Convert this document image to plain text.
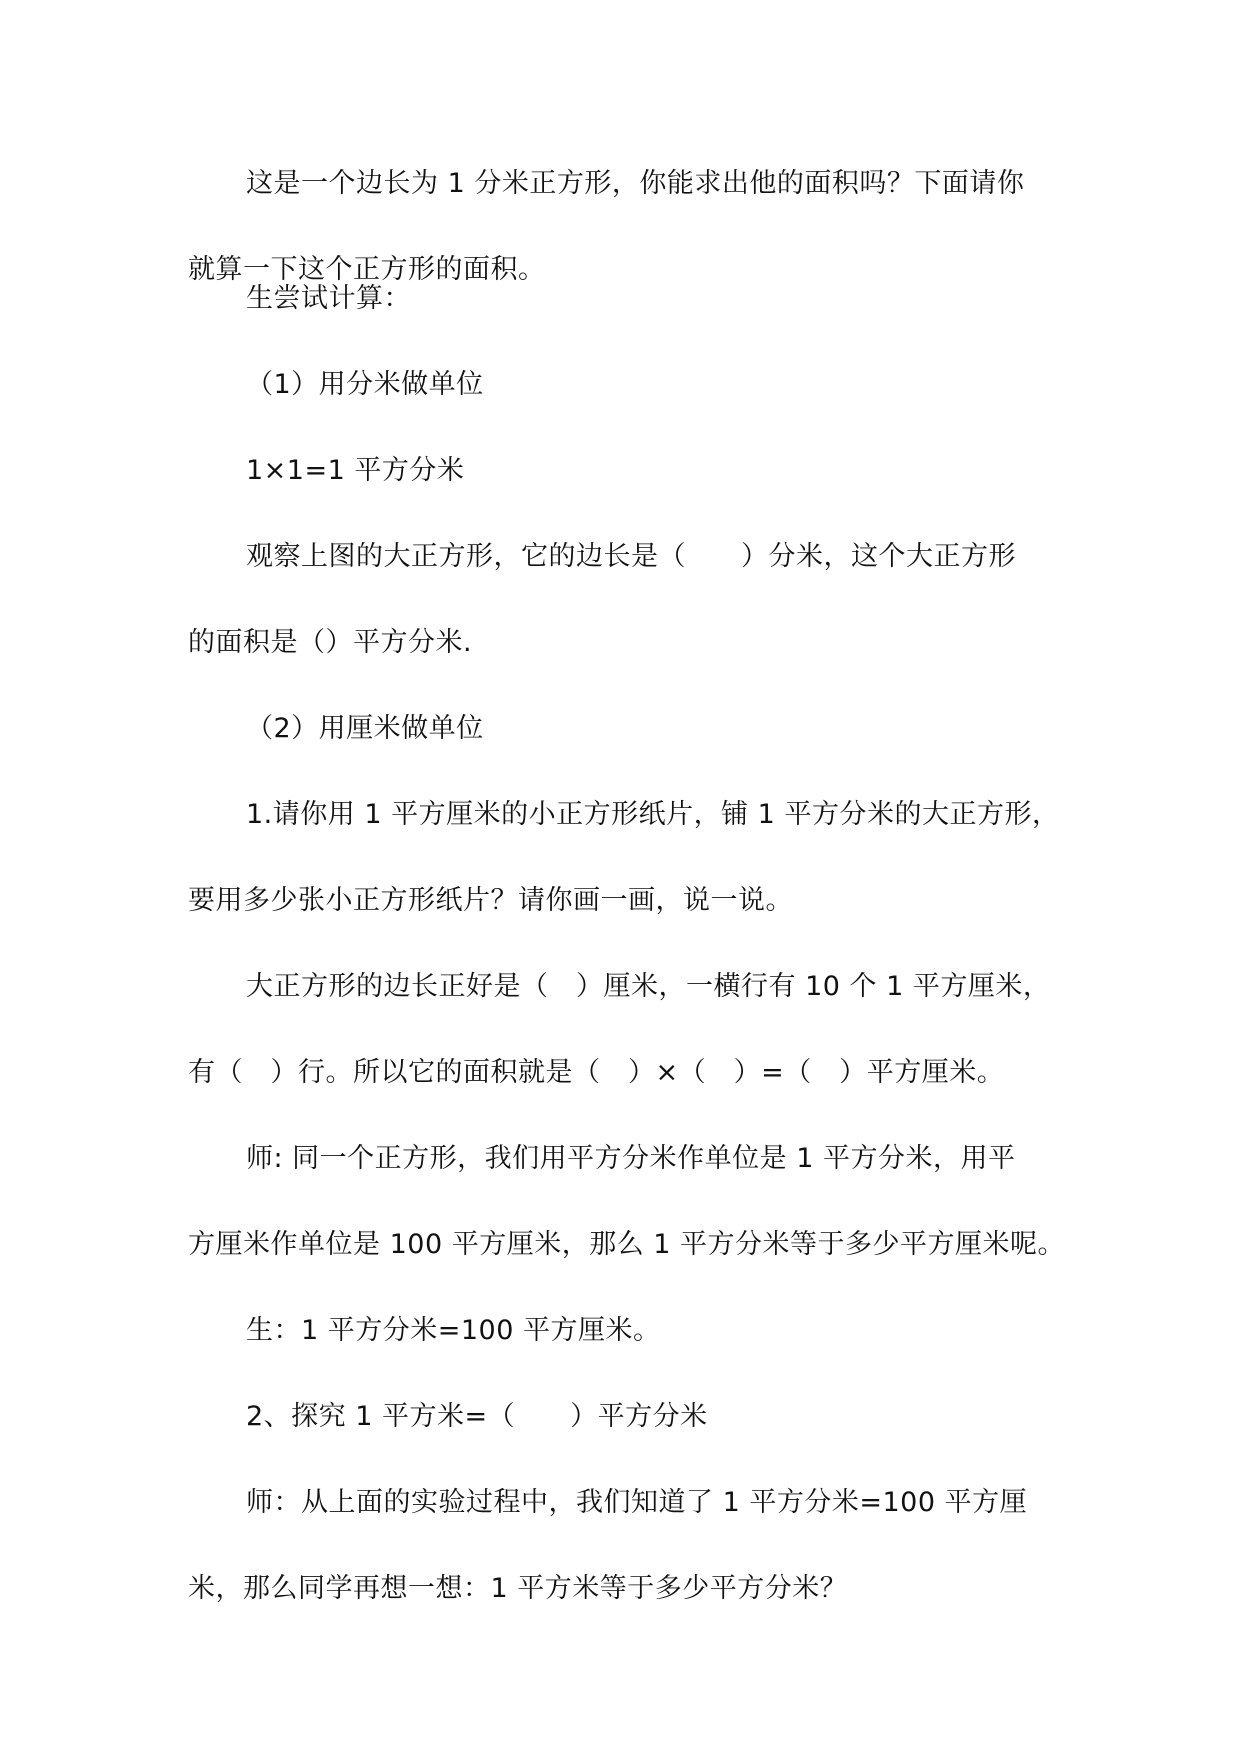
这是一个边长为 1 分米正方形，你能求出他的面积吗？下面请你
就算一下这个正方形的面积。

生尝试计算：

（1）用分米做单位

1×1=1 平方分米

观察上图的大正方形，它的边长是（　　）分米，这个大正方形
的面积是（）平方分米.

（2）用厘米做单位

1.请你用 1 平方厘米的小正方形纸片，铺 1 平方分米的大正方形，
要用多少张小正方形纸片？请你画一画，说一说。

大正方形的边长正好是（　）厘米，一横行有 10 个 1 平方厘米，
有（　）行。所以它的面积就是（　）×（　）=（　）平方厘米。

师: 同一个正方形，我们用平方分米作单位是 1 平方分米，用平
方厘米作单位是 100 平方厘米，那么 1 平方分米等于多少平方厘米呢。

生：1 平方分米=100 平方厘米。

2、探究 1 平方米=（　　）平方分米

师：从上面的实验过程中，我们知道了 1 平方分米=100 平方厘
米，那么同学再想一想：1 平方米等于多少平方分米？
